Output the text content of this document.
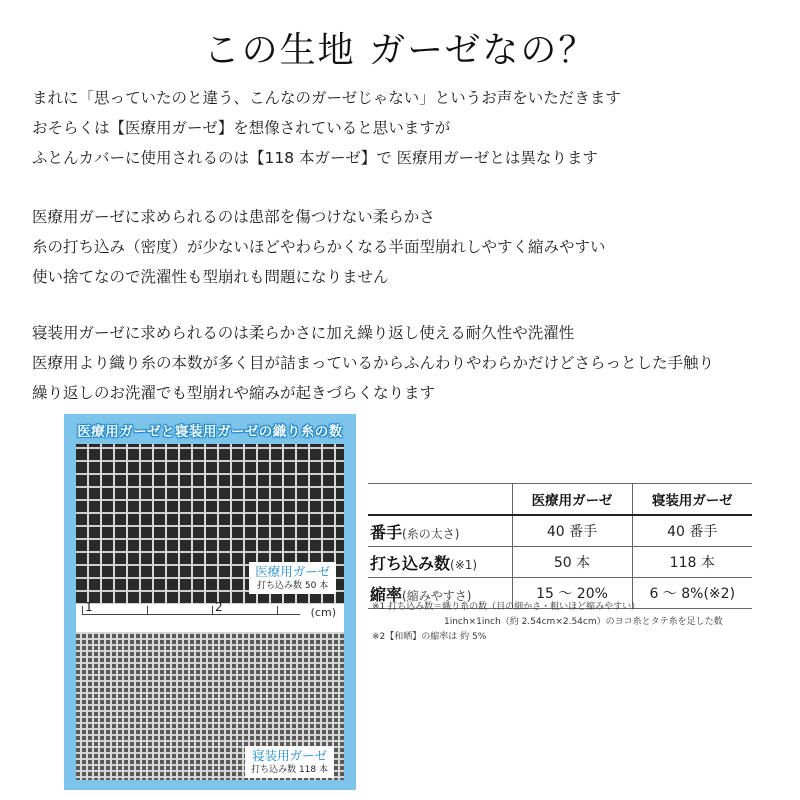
この生地 ガーゼなの？
まれに「思っていたのと違う、こんなのガーゼじゃない」というお声をいただきます
おそらくは【医療用ガーゼ】を想像されていると思いますが
ふとんカバーに使用されるのは【118 本ガーゼ】で 医療用ガーゼとは異なります
医療用ガーゼに求められるのは患部を傷つけない柔らかさ
糸の打ち込み（密度）が少ないほどやわらかくなる半面型崩れしやすく縮みやすい
使い捨てなので洗濯性も型崩れも問題になりません
寝装用ガーゼに求められるのは柔らかさに加え繰り返し使える耐久性や洗濯性
医療用より織り糸の本数が多く目が詰まっているからふんわりやわらかだけどさらっとした手触り
繰り返しのお洗濯でも型崩れや縮みが起きづらくなります
医療用ガーゼと寝装用ガーゼの織り糸の数
医療用ガーゼ
打ち込み数 50 本
1	2	(cm)
寝装用ガーゼ
打ち込み数 118 本
	医療用ガーゼ	寝装用ガーゼ
番手(糸の太さ)	40 番手	40 番手
打ち込み数(※1)	50 本	118 本
縮率(縮みやすさ)	15 〜 20%	6 〜 8%(※2)
※1 打ち込み数＝織り糸の数（目の細かさ・粗いほど縮みやすい）
1inch×1inch（約 2.54cm×2.54cm）のヨコ糸とタテ糸を足した数
※2【和晒】の縮率は 約 5%
